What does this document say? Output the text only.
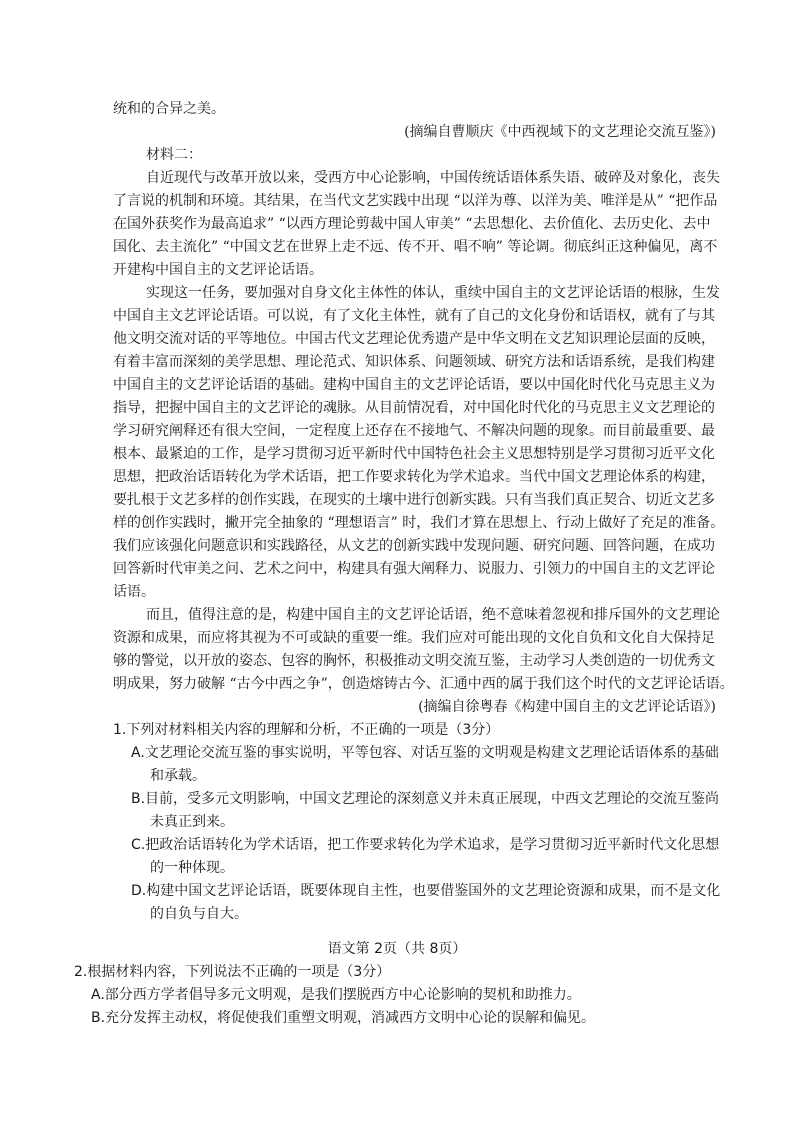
统和的合异之美。
(摘编自曹顺庆《中西视域下的文艺理论交流互鉴》)
材料二：
自近现代与改革开放以来，受西方中心论影响，中国传统话语体系失语、破碎及对象化，丧失
了言说的机制和环境。其结果，在当代文艺实践中出现 “以洋为尊、以洋为美、唯洋是从” “把作品
在国外获奖作为最高追求” “以西方理论剪裁中国人审美” “去思想化、去价值化、去历史化、去中
国化、去主流化” “中国文艺在世界上走不远、传不开、唱不响” 等论调。彻底纠正这种偏见，离不
开建构中国自主的文艺评论话语。
实现这一任务，要加强对自身文化主体性的体认，重续中国自主的文艺评论话语的根脉，生发
中国自主文艺评论话语。可以说，有了文化主体性，就有了自己的文化身份和话语权，就有了与其
他文明交流对话的平等地位。中国古代文艺理论优秀遗产是中华文明在文艺知识理论层面的反映，
有着丰富而深刻的美学思想、理论范式、知识体系、问题领域、研究方法和话语系统，是我们构建
中国自主的文艺评论话语的基础。建构中国自主的文艺评论话语，要以中国化时代化马克思主义为
指导，把握中国自主的文艺评论的魂脉。从目前情况看，对中国化时代化的马克思主义文艺理论的
学习研究阐释还有很大空间，一定程度上还存在不接地气、不解决问题的现象。而目前最重要、最
根本、最紧迫的工作，是学习贯彻习近平新时代中国特色社会主义思想特别是学习贯彻习近平文化
思想，把政治话语转化为学术话语，把工作要求转化为学术追求。当代中国文艺理论体系的构建，
要扎根于文艺多样的创作实践，在现实的土壤中进行创新实践。只有当我们真正契合、切近文艺多
样的创作实践时，撇开完全抽象的 “理想语言” 时，我们才算在思想上、行动上做好了充足的准备。
我们应该强化问题意识和实践路径，从文艺的创新实践中发现问题、研究问题、回答问题，在成功
回答新时代审美之问、艺术之问中，构建具有强大阐释力、说服力、引领力的中国自主的文艺评论
话语。
而且，值得注意的是，构建中国自主的文艺评论话语，绝不意味着忽视和排斥国外的文艺理论
资源和成果，而应将其视为不可或缺的重要一维。我们应对可能出现的文化自负和文化自大保持足
够的警觉，以开放的姿态、包容的胸怀，积极推动文明交流互鉴，主动学习人类创造的一切优秀文
明成果，努力破解 “古今中西之争”，创造熔铸古今、汇通中西的属于我们这个时代的文艺评论话语。
(摘编自徐粤春《构建中国自主的文艺评论话语》)
1.下列对材料相关内容的理解和分析，不正确的一项是（3分）
A.文艺理论交流互鉴的事实说明，平等包容、对话互鉴的文明观是构建文艺理论话语体系的基础
和承载。
B.目前，受多元文明影响，中国文艺理论的深刻意义并未真正展现，中西文艺理论的交流互鉴尚
未真正到来。
C.把政治话语转化为学术话语，把工作要求转化为学术追求，是学习贯彻习近平新时代文化思想
的一种体现。
D.构建中国文艺评论话语，既要体现自主性，也要借鉴国外的文艺理论资源和成果，而不是文化
的自负与自大。
语文第 2页（共 8页）
2.根据材料内容，下列说法不正确的一项是（3分）
A.部分西方学者倡导多元文明观，是我们摆脱西方中心论影响的契机和助推力。
B.充分发挥主动权，将促使我们重塑文明观，消减西方文明中心论的误解和偏见。
